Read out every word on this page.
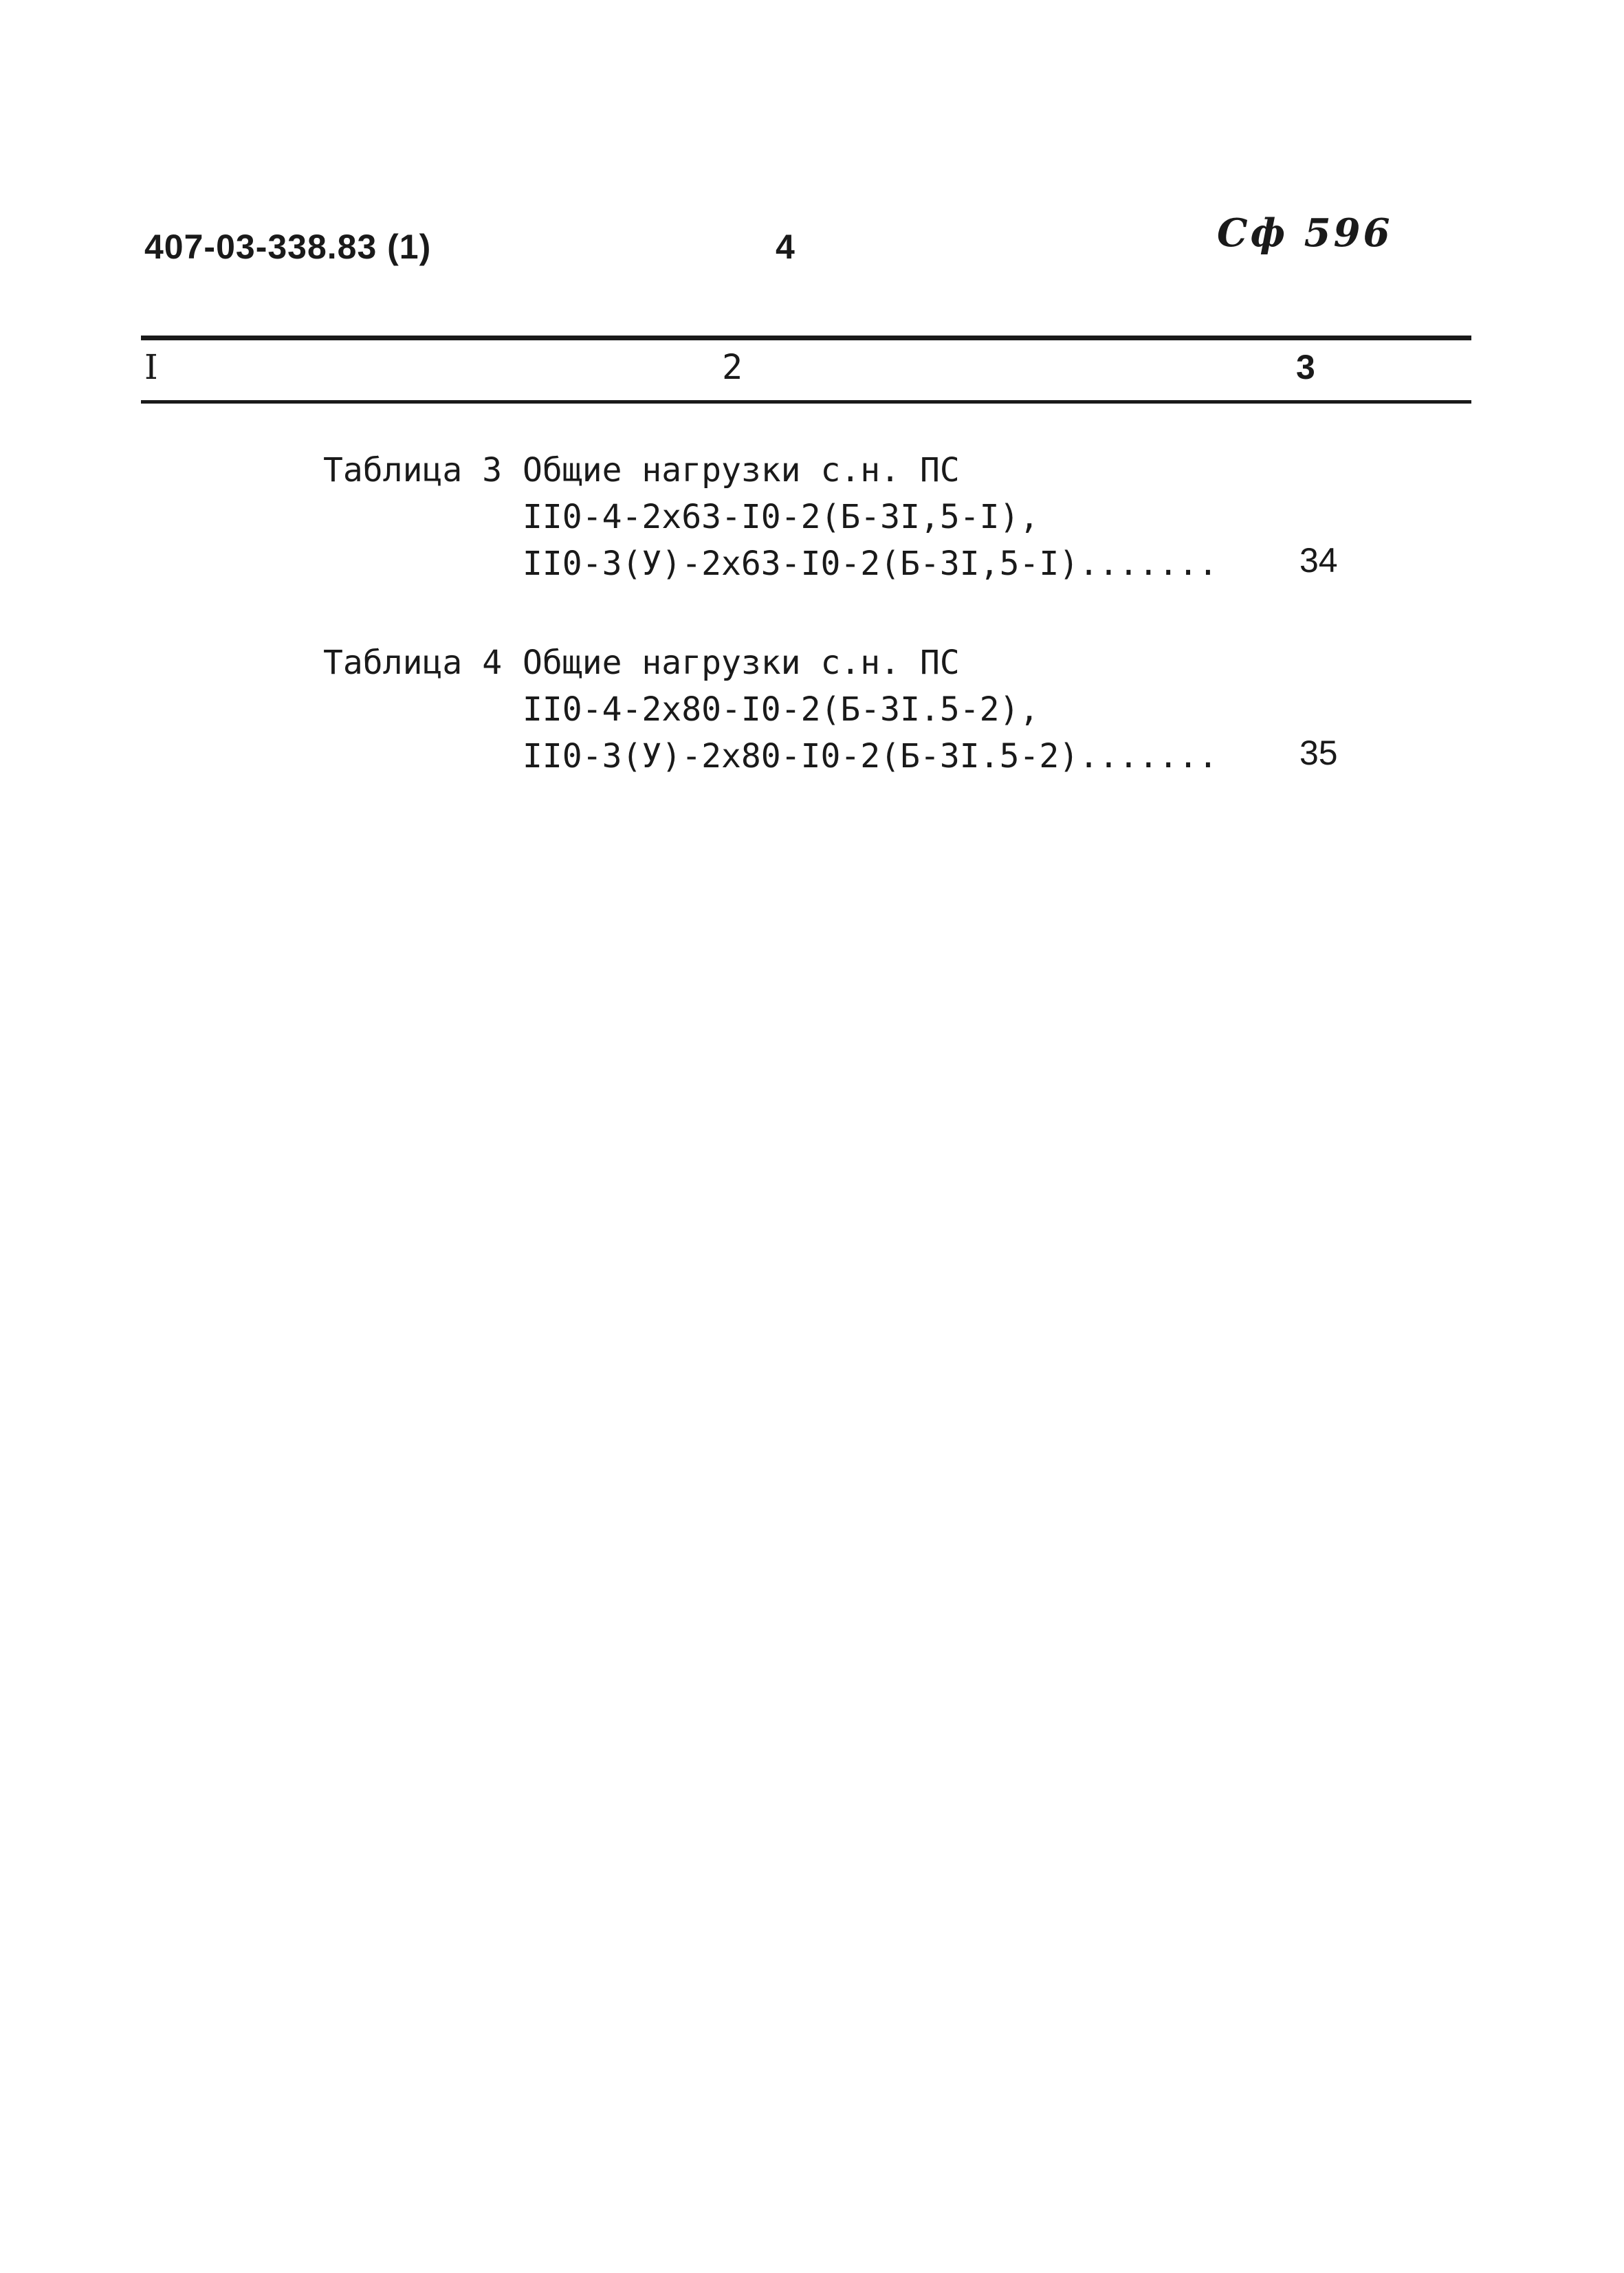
407-03-338.83 (1)	4	Сф 596
I	2	3
Таблица 3 Общие нагрузки с.н. ПС
II0-4-2х63-I0-2(Б-3I,5-I),
II0-3(У)-2х63-I0-2(Б-3I,5-I)....... 34
Таблица 4 Общие нагрузки с.н. ПС
II0-4-2х80-I0-2(Б-3I.5-2),
II0-3(У)-2х80-I0-2(Б-3I.5-2)....... 35
